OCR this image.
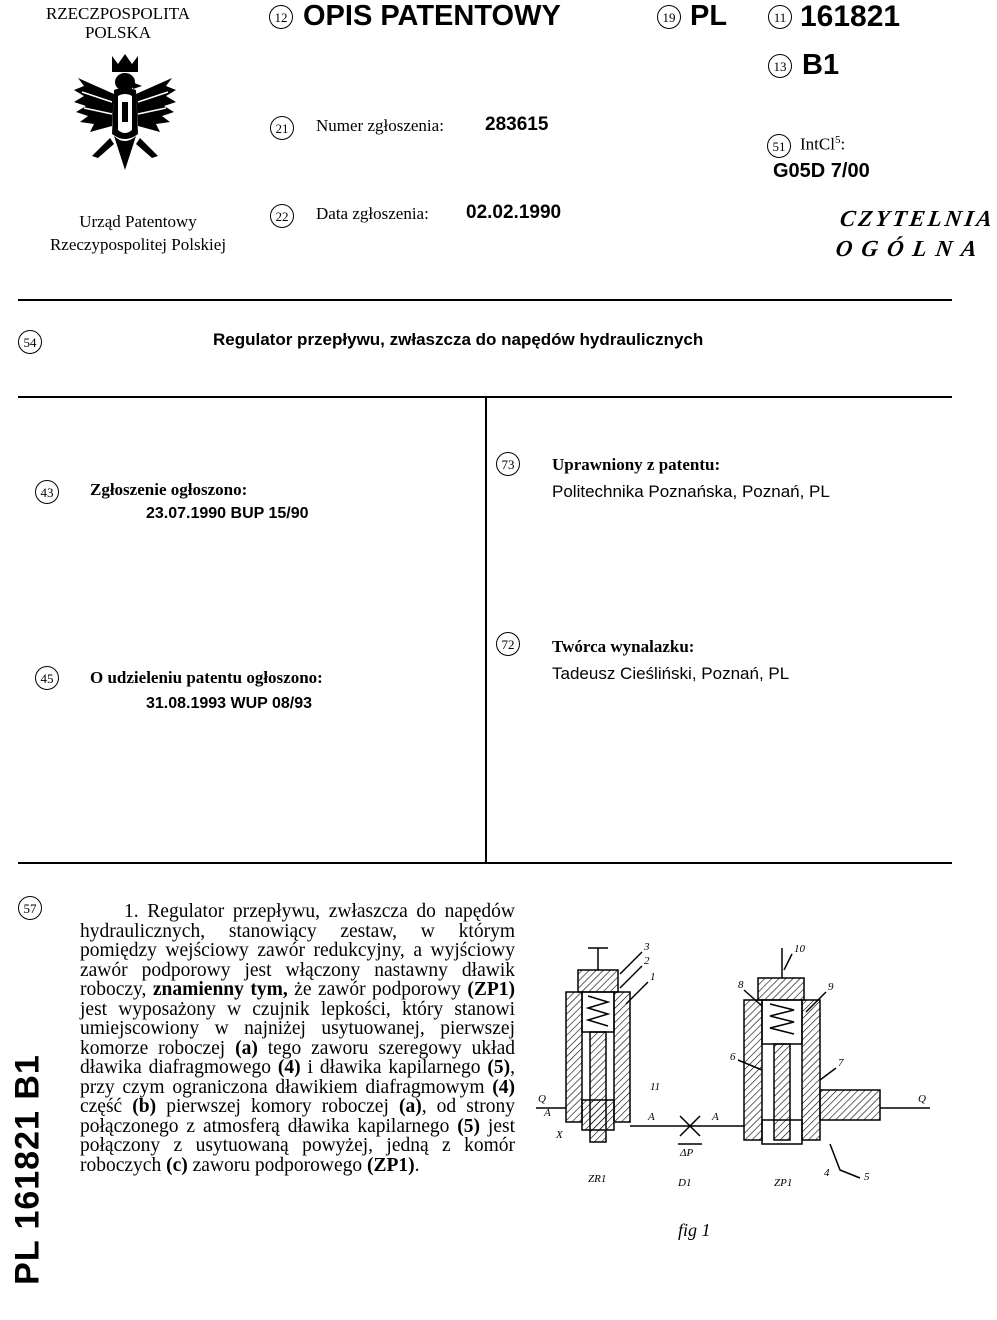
RZECZPOSPOLITA
POLSKA
Urząd Patentowy
Rzeczypospolitej Polskiej
12 OPIS PATENTOWY	19 PL	11 161821
13 B1
21	Numer zgłoszenia: 283615
51 IntCl$^5$:
G05D 7/00
22	Data zgłoszenia: 02.02.1990	CZYTELNIA
OGÓLNA
54	Regulator przepływu, zwłaszcza do napędów hydraulicznych
43	Zgłoszenie ogłoszono:
23.07.1990 BUP 15/90
45	O udzieleniu patentu ogłoszono:
31.08.1993 WUP 08/93
73	Uprawniony z patentu:
Politechnika Poznańska, Poznań, PL
72	Twórca wynalazku:
Tadeusz Cieśliński, Poznań, PL
57	1. Regulator przepływu, zwłaszcza do napędów hydraulicznych, stanowiący zestaw, w którym pomiędzy wejściowy zawór redukcyjny, a wyjściowy zawór podporowy jest włączony nastawny dławik roboczy, znamienny tym, że zawór podporowy (ZP1) jest wyposażony w czujnik lepkości, który stanowi umiejscowiony w najniżej usytuowanej, pierwszej komorze roboczej (a) tego zaworu szeregowy układ dławika diafragmowego (4) i dławika kapilarnego (5), przy czym ograniczona dławikiem diafragmowym (4) część (b) pierwszej komory roboczej (a), od strony połączonego z atmosferą dławika kapilarnego (5) jest połączony z usytuowaną powyżej, jedną z komór roboczych (c) zaworu podporowego (ZP1).
PL 161821 B1
3
2
1
10
8	9
6	7
11
Q	Q
A	A	A
X
ΔP
ZR1	D1	ZP1
4	5
fig 1
